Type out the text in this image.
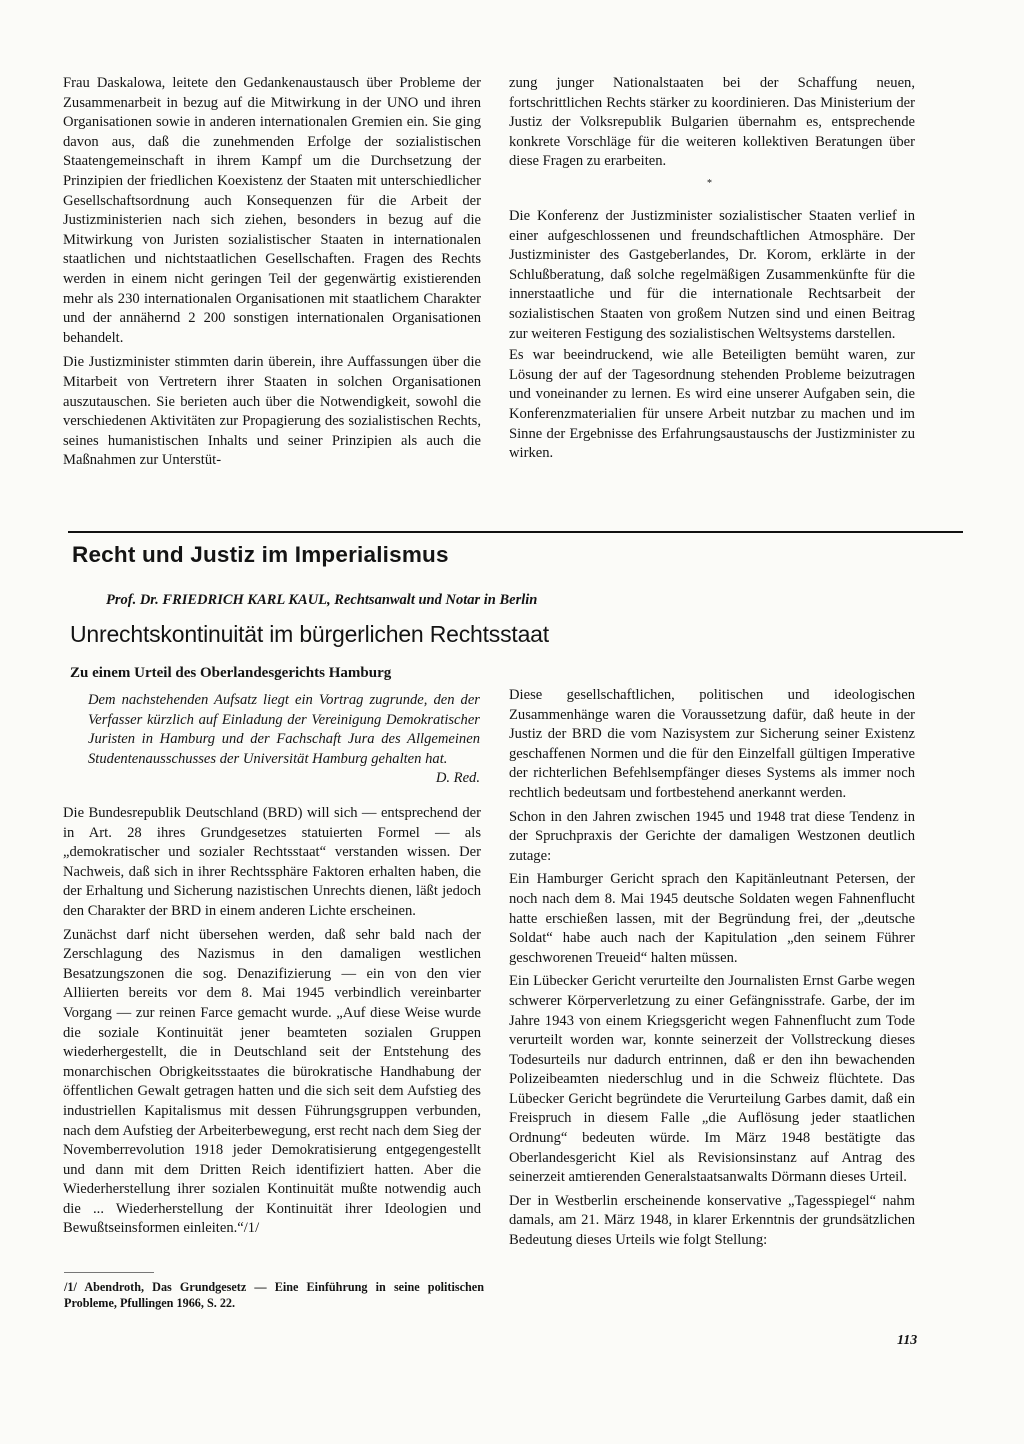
Frau Daskalowa, leitete den Gedankenaustausch über Probleme der Zusammenarbeit in bezug auf die Mitwirkung in der UNO und ihren Organisationen sowie in anderen internationalen Gremien ein. Sie ging davon aus, daß die zunehmenden Erfolge der sozialistischen Staatengemeinschaft in ihrem Kampf um die Durchsetzung der Prinzipien der friedlichen Koexistenz der Staaten mit unterschiedlicher Gesellschaftsordnung auch Konsequenzen für die Arbeit der Justizministerien nach sich ziehen, besonders in bezug auf die Mitwirkung von Juristen sozialistischer Staaten in internationalen staatlichen und nichtstaatlichen Gesellschaften. Fragen des Rechts werden in einem nicht geringen Teil der gegenwärtig existierenden mehr als 230 internationalen Organisationen mit staatlichem Charakter und der annähernd 2 200 sonstigen internationalen Organisationen behandelt.

Die Justizminister stimmten darin überein, ihre Auffassungen über die Mitarbeit von Vertretern ihrer Staaten in solchen Organisationen auszutauschen. Sie berieten auch über die Notwendigkeit, sowohl die verschiedenen Aktivitäten zur Propagierung des sozialistischen Rechts, seines humanistischen Inhalts und seiner Prinzipien als auch die Maßnahmen zur Unterstüt-

zung junger Nationalstaaten bei der Schaffung neuen, fortschrittlichen Rechts stärker zu koordinieren. Das Ministerium der Justiz der Volksrepublik Bulgarien übernahm es, entsprechende konkrete Vorschläge für die weiteren kollektiven Beratungen über diese Fragen zu erarbeiten.

Die Konferenz der Justizminister sozialistischer Staaten verlief in einer aufgeschlossenen und freundschaftlichen Atmosphäre. Der Justizminister des Gastgeberlandes, Dr. Korom, erklärte in der Schlußberatung, daß solche regelmäßigen Zusammenkünfte für die innerstaatliche und für die internationale Rechtsarbeit der sozialistischen Staaten von großem Nutzen sind und einen Beitrag zur weiteren Festigung des sozialistischen Weltsystems darstellen.

Es war beeindruckend, wie alle Beteiligten bemüht waren, zur Lösung der auf der Tagesordnung stehenden Probleme beizutragen und voneinander zu lernen. Es wird eine unserer Aufgaben sein, die Konferenzmaterialien für unsere Arbeit nutzbar zu machen und im Sinne der Ergebnisse des Erfahrungsaustauschs der Justizminister zu wirken.

*
Recht und Justiz im Imperialismus

Prof. Dr. FRIEDRICH KARL KAUL, Rechtsanwalt und Notar in Berlin

Unrechtskontinuität im bürgerlichen Rechtsstaat
Zu einem Urteil des Oberlandesgerichts Hamburg

Dem nachstehenden Aufsatz liegt ein Vortrag zugrunde, den der Verfasser kürzlich auf Einladung der Vereinigung Demokratischer Juristen in Hamburg und der Fachschaft Jura des Allgemeinen Studentenausschusses der Universität Hamburg gehalten hat.

D. Red.

Die Bundesrepublik Deutschland (BRD) will sich — entsprechend der in Art. 28 ihres Grundgesetzes statuierten Formel — als „demokratischer und sozialer Rechtsstaat“ verstanden wissen. Der Nachweis, daß sich in ihrer Rechtssphäre Faktoren erhalten haben, die der Erhaltung und Sicherung nazistischen Unrechts dienen, läßt jedoch den Charakter der BRD in einem anderen Lichte erscheinen.

Zunächst darf nicht übersehen werden, daß sehr bald nach der Zerschlagung des Nazismus in den damaligen westlichen Besatzungszonen die sog. Denazifizierung — ein von den vier Alliierten bereits vor dem 8. Mai 1945 verbindlich vereinbarter Vorgang — zur reinen Farce gemacht wurde. „Auf diese Weise wurde die soziale Kontinuität jener beamteten sozialen Gruppen wiederhergestellt, die in Deutschland seit der Entstehung des monarchischen Obrigkeitsstaates die bürokratische Handhabung der öffentlichen Gewalt getragen hatten und die sich seit dem Aufstieg des industriellen Kapitalismus mit dessen Führungsgruppen verbunden, nach dem Aufstieg der Arbeiterbewegung, erst recht nach dem Sieg der Novemberrevolution 1918 jeder Demokratisierung entgegengestellt und dann mit dem Dritten Reich identifiziert hatten. Aber die Wiederherstellung ihrer sozialen Kontinuität mußte notwendig auch die ... Wiederherstellung der Kontinuität ihrer Ideologien und Bewußtseinsformen einleiten.“/1/

/1/ Abendroth, Das Grundgesetz — Eine Einführung in seine politischen Probleme, Pfullingen 1966, S. 22.

Diese gesellschaftlichen, politischen und ideologischen Zusammenhänge waren die Voraussetzung dafür, daß heute in der Justiz der BRD die vom Nazisystem zur Sicherung seiner Existenz geschaffenen Normen und die für den Einzelfall gültigen Imperative der richterlichen Befehlsempfänger dieses Systems als immer noch rechtlich bedeutsam und fortbestehend anerkannt werden.

Schon in den Jahren zwischen 1945 und 1948 trat diese Tendenz in der Spruchpraxis der Gerichte der damaligen Westzonen deutlich zutage:

Ein Hamburger Gericht sprach den Kapitänleutnant Petersen, der noch nach dem 8. Mai 1945 deutsche Soldaten wegen Fahnenflucht hatte erschießen lassen, mit der Begründung frei, der „deutsche Soldat“ habe auch nach der Kapitulation „den seinem Führer geschworenen Treueid“ halten müssen.

Ein Lübecker Gericht verurteilte den Journalisten Ernst Garbe wegen schwerer Körperverletzung zu einer Gefängnisstrafe. Garbe, der im Jahre 1943 von einem Kriegsgericht wegen Fahnenflucht zum Tode verurteilt worden war, konnte seinerzeit der Vollstreckung dieses Todesurteils nur dadurch entrinnen, daß er den ihn bewachenden Polizeibeamten niederschlug und in die Schweiz flüchtete. Das Lübecker Gericht begründete die Verurteilung Garbes damit, daß ein Freispruch in diesem Falle „die Auflösung jeder staatlichen Ordnung“ bedeuten würde. Im März 1948 bestätigte das Oberlandesgericht Kiel als Revisionsinstanz auf Antrag des seinerzeit amtierenden Generalstaatsanwalts Dörmann dieses Urteil.

Der in Westberlin erscheinende konservative „Tagesspiegel“ nahm damals, am 21. März 1948, in klarer Erkenntnis der grundsätzlichen Bedeutung dieses Urteils wie folgt Stellung:

113
